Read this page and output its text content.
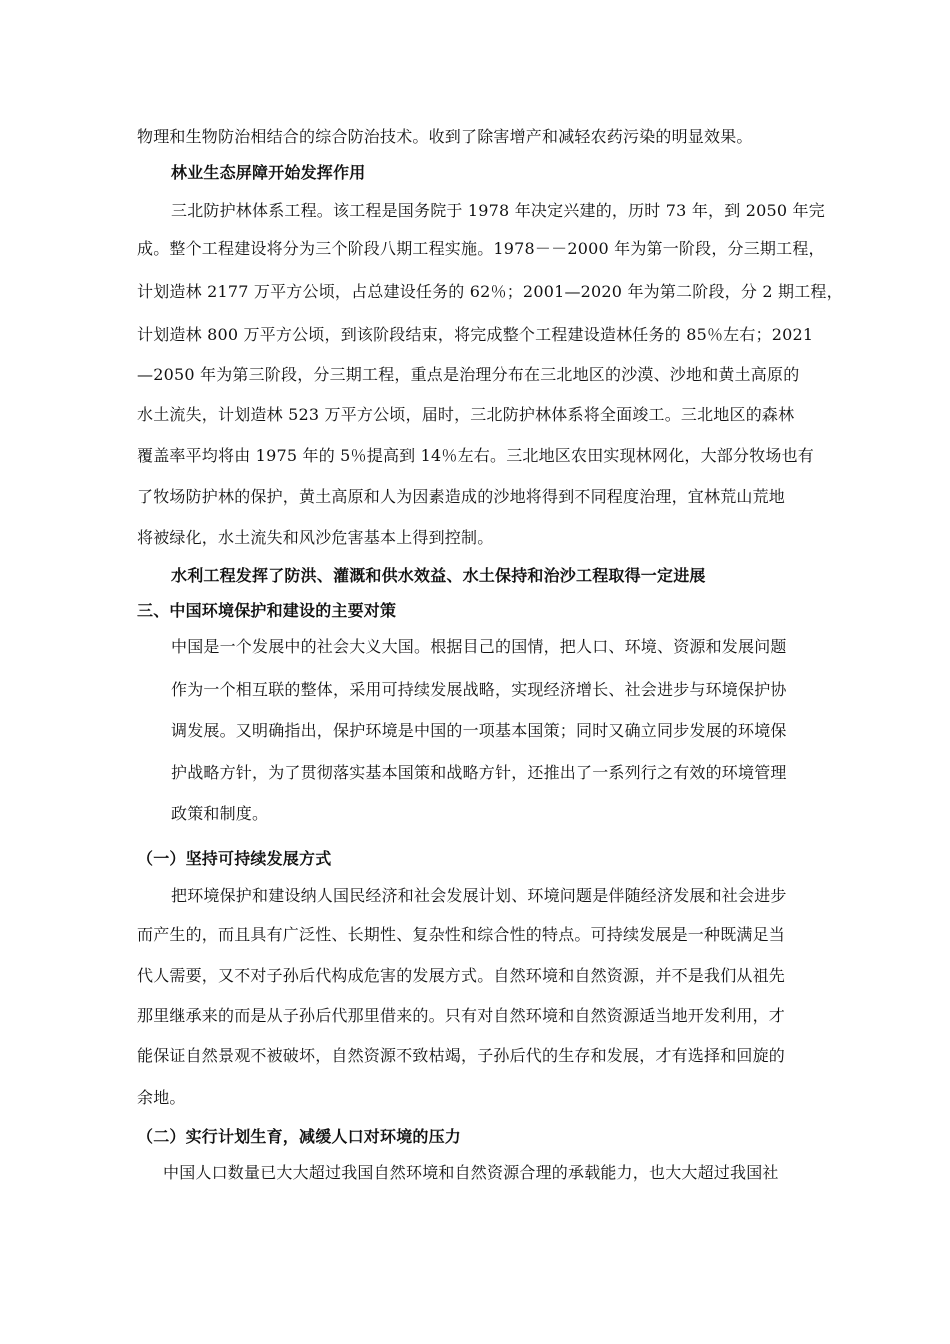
物理和生物防治相结合的综合防治技术。收到了除害增产和减轻农药污染的明显效果。
林业生态屏障开始发挥作用
三北防护林体系工程。该工程是国务院于 1978 年决定兴建的，历时 73 年，到 2050 年完
成。整个工程建设将分为三个阶段八期工程实施。1978－－2000 年为第一阶段，分三期工程，
计划造林 2177 万平方公顷，占总建设任务的 62％；2001—2020 年为第二阶段，分 2 期工程，
计划造林 800 万平方公顷，到该阶段结束，将完成整个工程建设造林任务的 85％左右；2021
—2050 年为第三阶段，分三期工程，重点是治理分布在三北地区的沙漠、沙地和黄土高原的
水土流失，计划造林 523 万平方公顷，届时，三北防护林体系将全面竣工。三北地区的森林
覆盖率平均将由 1975 年的 5％提高到 14％左右。三北地区农田实现林网化，大部分牧场也有
了牧场防护林的保护，黄土高原和人为因素造成的沙地将得到不同程度治理，宜林荒山荒地
将被绿化，水土流失和风沙危害基本上得到控制。
水利工程发挥了防洪、灌溉和供水效益、水土保持和治沙工程取得一定进展
三、中国环境保护和建设的主要对策
中国是一个发展中的社会大义大国。根据目己的国情，把人口、环境、资源和发展问题
作为一个相互联的整体，采用可持续发展战略，实现经济增长、社会进步与环境保护协
调发展。又明确指出，保护环境是中国的一项基本国策；同时又确立同步发展的环境保
护战略方针，为了贯彻落实基本国策和战略方针，还推出了一系列行之有效的环境管理
政策和制度。
（一）坚持可持续发展方式
把环境保护和建设纳人国民经济和社会发展计划、环境问题是伴随经济发展和社会进步
而产生的，而且具有广泛性、长期性、复杂性和综合性的特点。可持续发展是一种既满足当
代人需要，又不对子孙后代构成危害的发展方式。自然环境和自然资源，并不是我们从祖先
那里继承来的而是从子孙后代那里借来的。只有对自然环境和自然资源适当地开发利用，才
能保证自然景观不被破坏，自然资源不致枯竭，子孙后代的生存和发展，才有选择和回旋的
余地。
（二）实行计划生育，减缓人口对环境的压力
中国人口数量已大大超过我国自然环境和自然资源合理的承载能力，也大大超过我国社
